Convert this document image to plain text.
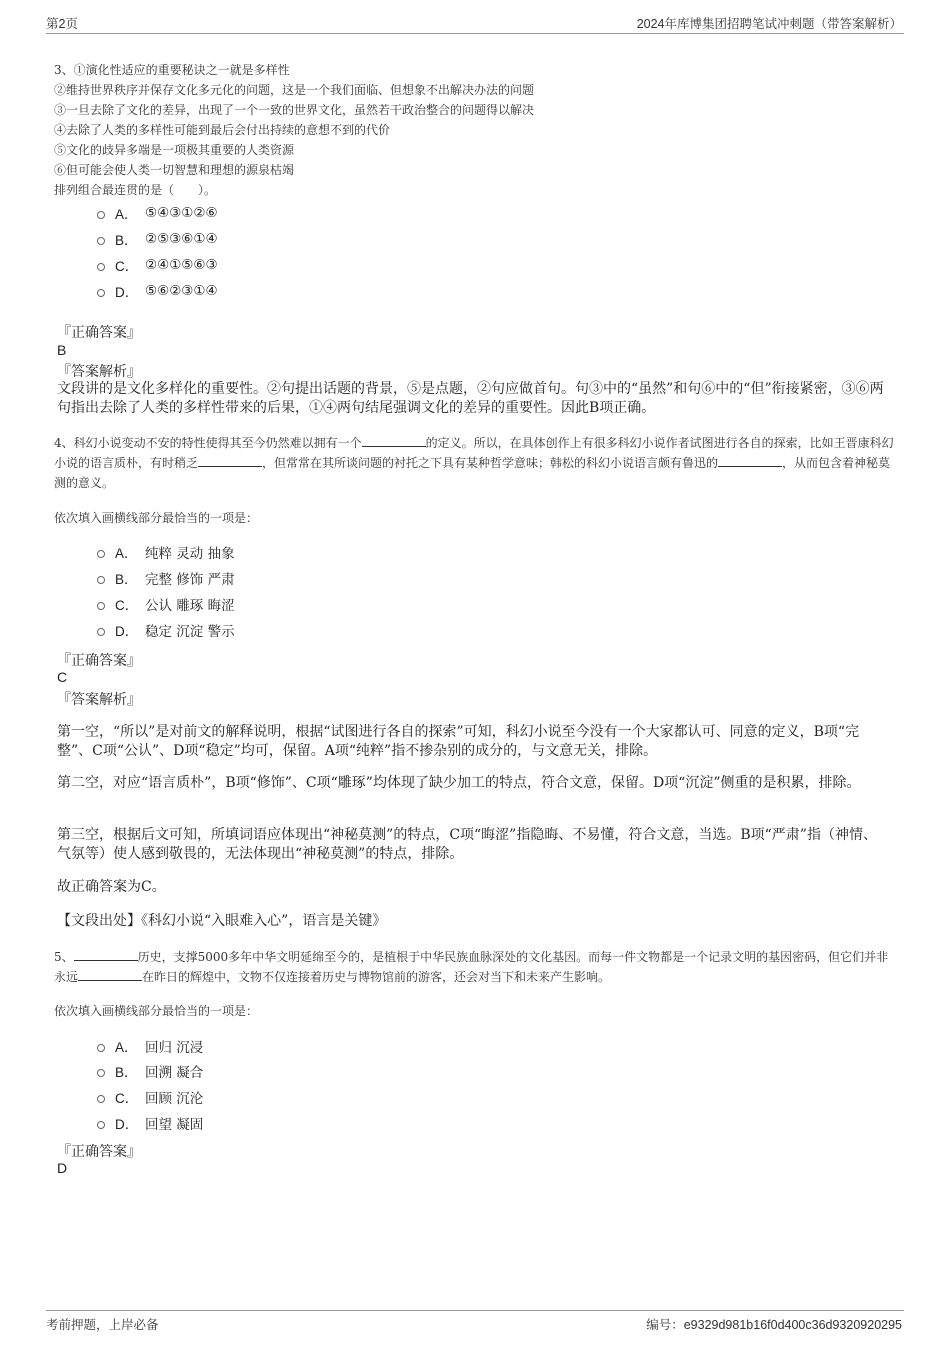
第2页	2024年库博集团招聘笔试冲刺题（带答案解析）
3、①演化性适应的重要秘诀之一就是多样性
②维持世界秩序并保存文化多元化的问题，这是一个我们面临、但想象不出解决办法的问题
③一旦去除了文化的差异，出现了一个一致的世界文化，虽然若干政治整合的问题得以解决
④去除了人类的多样性可能到最后会付出持续的意想不到的代价
⑤文化的歧异多端是一项极其重要的人类资源
⑥但可能会使人类一切智慧和理想的源泉枯竭
排列组合最连贯的是（　　）。
A． ⑤④③①②⑥
B． ②⑤③⑥①④
C． ②④①⑤⑥③
D． ⑤⑥②③①④
『正确答案』
B
『答案解析』
文段讲的是文化多样化的重要性。②句提出话题的背景，⑤是点题，②句应做首句。句③中的“虽然”和句⑥中的“但”衔接紧密，③⑥两句指出去除了人类的多样性带来的后果，①④两句结尾强调文化的差异的重要性。因此B项正确。
4、科幻小说变动不安的特性使得其至今仍然难以拥有一个	的定义。所以，在具体创作上有很多科幻小说作者试图进行各自的探索，比如王晋康科幻小说的语言质朴，有时稍乏	，但常常在其所谈问题的衬托之下具有某种哲学意味；韩松的科幻小说语言颇有鲁迅的	，从而包含着神秘莫测的意义。
依次填入画横线部分最恰当的一项是：
A． 纯粹 灵动 抽象
B． 完整 修饰 严肃
C． 公认 雕琢 晦涩
D． 稳定 沉淀 警示
『正确答案』
C
『答案解析』
第一空，“所以”是对前文的解释说明，根据“试图进行各自的探索”可知，科幻小说至今没有一个大家都认可、同意的定义，B项“完整”、C项“公认”、D项“稳定”均可，保留。A项“纯粹”指不掺杂别的成分的，与文意无关，排除。
第二空，对应“语言质朴”，B项“修饰”、C项“雕琢”均体现了缺少加工的特点，符合文意，保留。D项“沉淀”侧重的是积累，排除。
第三空，根据后文可知，所填词语应体现出“神秘莫测”的特点，C项“晦涩”指隐晦、不易懂，符合文意，当选。B项“严肃”指（神情、气氛等）使人感到敬畏的，无法体现出“神秘莫测”的特点，排除。
故正确答案为C。
【文段出处】《科幻小说“入眼难入心”，语言是关键》
5、	历史，支撑5000多年中华文明延绵至今的，是植根于中华民族血脉深处的文化基因。而每一件文物都是一个记录文明的基因密码，但它们并非永远	在昨日的辉煌中，文物不仅连接着历史与博物馆前的游客，还会对当下和未来产生影响。
依次填入画横线部分最恰当的一项是：
A． 回归 沉浸
B． 回溯 凝合
C． 回顾 沉沦
D． 回望 凝固
『正确答案』
D
考前押题，上岸必备	编号：e9329d981b16f0d400c36d9320920295
